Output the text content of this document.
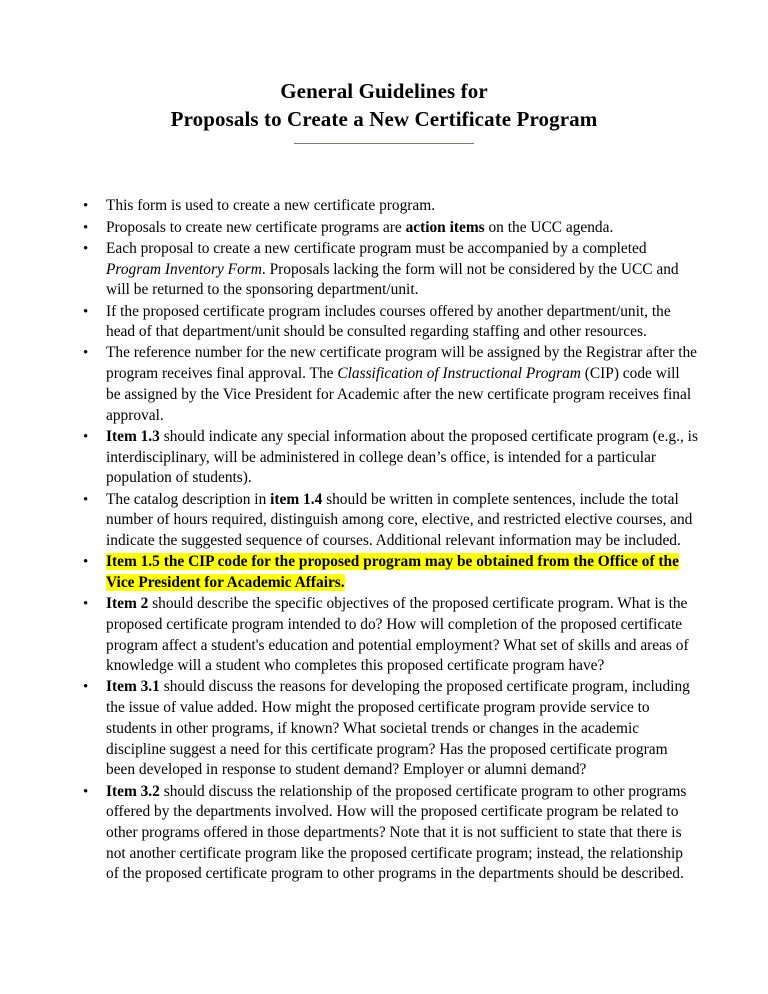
General Guidelines for
Proposals to Create a New Certificate Program
• This form is used to create a new certificate program.
• Proposals to create new certificate programs are action items on the UCC agenda.
• Each proposal to create a new certificate program must be accompanied by a completed Program Inventory Form. Proposals lacking the form will not be considered by the UCC and will be returned to the sponsoring department/unit.
• If the proposed certificate program includes courses offered by another department/unit, the head of that department/unit should be consulted regarding staffing and other resources.
• The reference number for the new certificate program will be assigned by the Registrar after the program receives final approval. The Classification of Instructional Program (CIP) code will be assigned by the Vice President for Academic after the new certificate program receives final approval.
• Item 1.3 should indicate any special information about the proposed certificate program (e.g., is interdisciplinary, will be administered in college dean’s office, is intended for a particular population of students).
• The catalog description in item 1.4 should be written in complete sentences, include the total number of hours required, distinguish among core, elective, and restricted elective courses, and indicate the suggested sequence of courses. Additional relevant information may be included.
• Item 1.5 the CIP code for the proposed program may be obtained from the Office of the Vice President for Academic Affairs.
• Item 2 should describe the specific objectives of the proposed certificate program. What is the proposed certificate program intended to do? How will completion of the proposed certificate program affect a student's education and potential employment? What set of skills and areas of knowledge will a student who completes this proposed certificate program have?
• Item 3.1 should discuss the reasons for developing the proposed certificate program, including the issue of value added. How might the proposed certificate program provide service to students in other programs, if known? What societal trends or changes in the academic discipline suggest a need for this certificate program? Has the proposed certificate program been developed in response to student demand? Employer or alumni demand?
• Item 3.2 should discuss the relationship of the proposed certificate program to other programs offered by the departments involved. How will the proposed certificate program be related to other programs offered in those departments? Note that it is not sufficient to state that there is not another certificate program like the proposed certificate program; instead, the relationship of the proposed certificate program to other programs in the departments should be described.
